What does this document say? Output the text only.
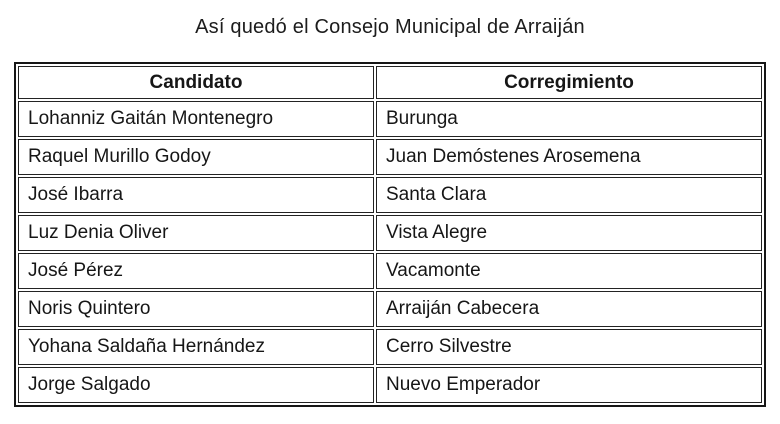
Así quedó el Consejo Municipal de Arraiján
Candidato	Corregimiento
Lohanniz Gaitán Montenegro	Burunga
Raquel Murillo Godoy	Juan Demóstenes Arosemena
José Ibarra	Santa Clara
Luz Denia Oliver	Vista Alegre
José Pérez	Vacamonte
Noris Quintero	Arraiján Cabecera
Yohana Saldaña Hernández	Cerro Silvestre
Jorge Salgado	Nuevo Emperador
